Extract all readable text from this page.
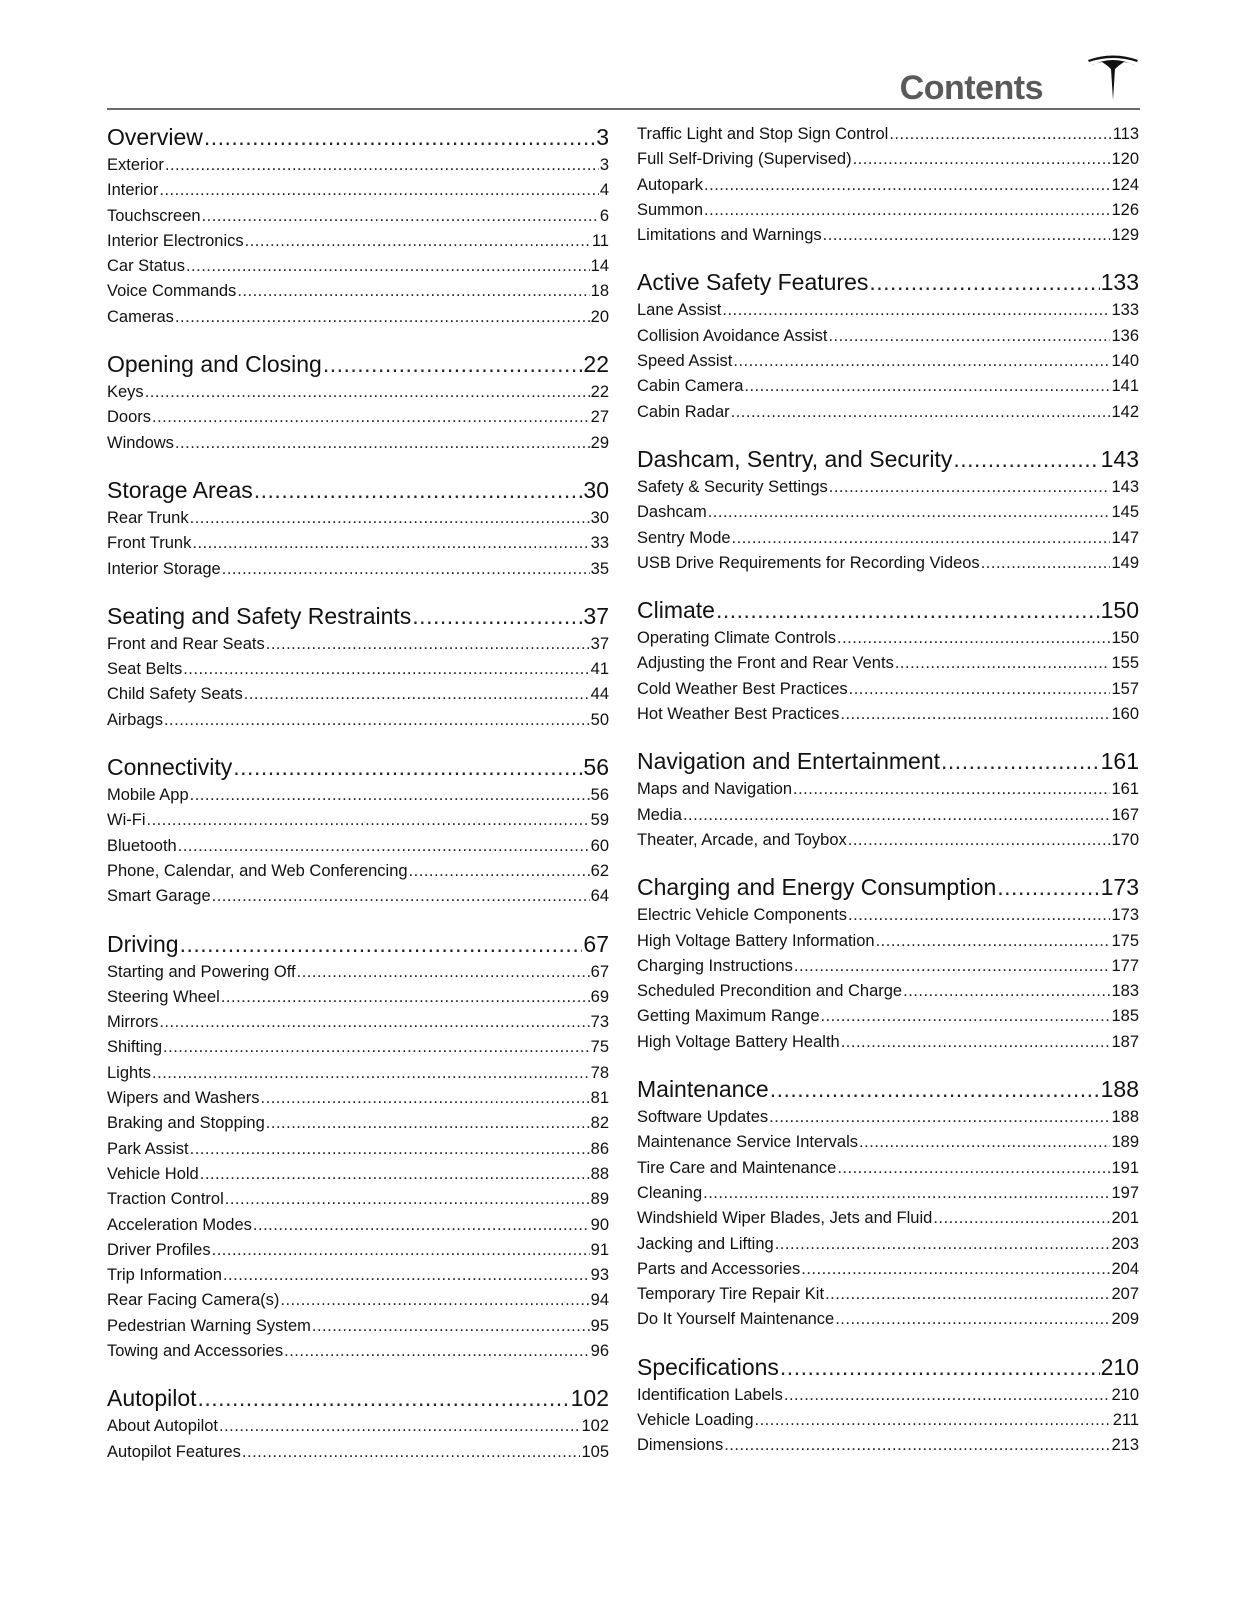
Contents
Overview .....	3
Exterior .....	3
Interior .....	4
Touchscreen .....	6
Interior Electronics .....	11
Car Status .....	14
Voice Commands .....	18
Cameras .....	20
Opening and Closing .....	22
Keys .....	22
Doors .....	27
Windows .....	29
Storage Areas .....	30
Rear Trunk .....	30
Front Trunk .....	33
Interior Storage .....	35
Seating and Safety Restraints .....	37
Front and Rear Seats .....	37
Seat Belts .....	41
Child Safety Seats .....	44
Airbags .....	50
Connectivity .....	56
Mobile App .....	56
Wi-Fi .....	59
Bluetooth .....	60
Phone, Calendar, and Web Conferencing .....	62
Smart Garage .....	64
Driving .....	67
Starting and Powering Off .....	67
Steering Wheel .....	69
Mirrors .....	73
Shifting .....	75
Lights .....	78
Wipers and Washers .....	81
Braking and Stopping .....	82
Park Assist .....	86
Vehicle Hold .....	88
Traction Control .....	89
Acceleration Modes .....	90
Driver Profiles .....	91
Trip Information .....	93
Rear Facing Camera(s) .....	94
Pedestrian Warning System .....	95
Towing and Accessories .....	96
Autopilot .....	102
About Autopilot .....	102
Autopilot Features .....	105
Traffic Light and Stop Sign Control .....	113
Full Self-Driving (Supervised) .....	120
Autopark .....	124
Summon .....	126
Limitations and Warnings .....	129
Active Safety Features .....	133
Lane Assist .....	133
Collision Avoidance Assist .....	136
Speed Assist .....	140
Cabin Camera .....	141
Cabin Radar .....	142
Dashcam, Sentry, and Security .....	143
Safety & Security Settings .....	143
Dashcam .....	145
Sentry Mode .....	147
USB Drive Requirements for Recording Videos .....	149
Climate .....	150
Operating Climate Controls .....	150
Adjusting the Front and Rear Vents .....	155
Cold Weather Best Practices .....	157
Hot Weather Best Practices .....	160
Navigation and Entertainment .....	161
Maps and Navigation .....	161
Media .....	167
Theater, Arcade, and Toybox .....	170
Charging and Energy Consumption .....	173
Electric Vehicle Components .....	173
High Voltage Battery Information .....	175
Charging Instructions .....	177
Scheduled Precondition and Charge .....	183
Getting Maximum Range .....	185
High Voltage Battery Health .....	187
Maintenance .....	188
Software Updates .....	188
Maintenance Service Intervals .....	189
Tire Care and Maintenance .....	191
Cleaning .....	197
Windshield Wiper Blades, Jets and Fluid .....	201
Jacking and Lifting .....	203
Parts and Accessories .....	204
Temporary Tire Repair Kit .....	207
Do It Yourself Maintenance .....	209
Specifications .....	210
Identification Labels .....	210
Vehicle Loading .....	211
Dimensions .....	213
